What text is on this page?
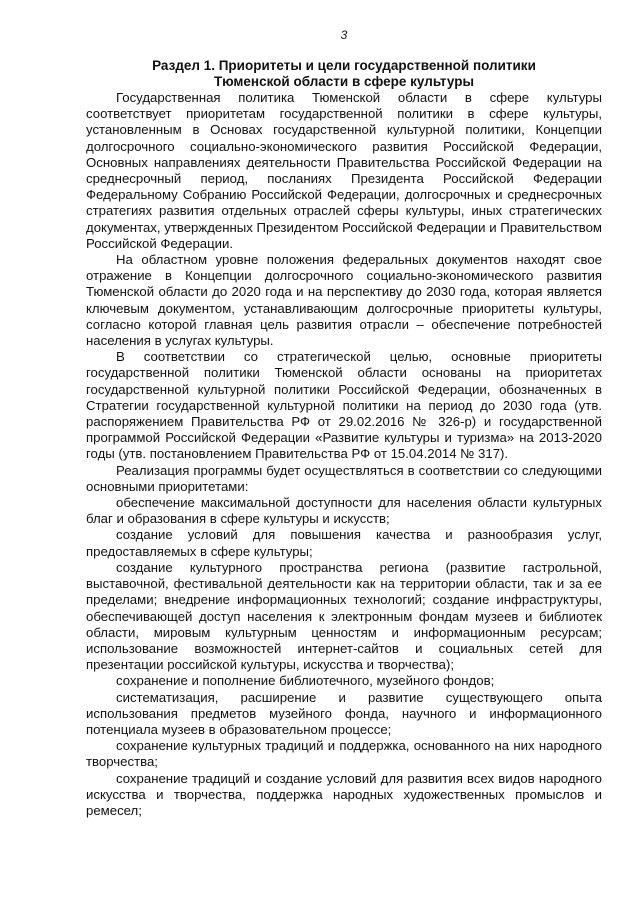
3
Раздел 1. Приоритеты и цели государственной политики
Тюменской области в сфере культуры

Государственная политика Тюменской области в сфере культуры соответствует приоритетам государственной политики в сфере культуры, установленным в Основах государственной культурной политики, Концепции долгосрочного социально-экономического развития Российской Федерации, Основных направлениях деятельности Правительства Российской Федерации на среднесрочный период, посланиях Президента Российской Федерации Федеральному Собранию Российской Федерации, долгосрочных и среднесрочных стратегиях развития отдельных отраслей сферы культуры, иных стратегических документах, утвержденных Президентом Российской Федерации и Правительством Российской Федерации.

На областном уровне положения федеральных документов находят свое отражение в Концепции долгосрочного социально-экономического развития Тюменской области до 2020 года и на перспективу до 2030 года, которая является ключевым документом, устанавливающим долгосрочные приоритеты культуры, согласно которой главная цель развития отрасли – обеспечение потребностей населения в услугах культуры.

В соответствии со стратегической целью, основные приоритеты государственной политики Тюменской области основаны на приоритетах государственной культурной политики Российской Федерации, обозначенных в Стратегии государственной культурной политики на период до 2030 года (утв. распоряжением Правительства РФ от 29.02.2016 № 326-р) и государственной программой Российской Федерации «Развитие культуры и туризма» на 2013-2020 годы (утв. постановлением Правительства РФ от 15.04.2014 № 317).

Реализация программы будет осуществляться в соответствии со следующими основными приоритетами:

обеспечение максимальной доступности для населения области культурных благ и образования в сфере культуры и искусств;
создание условий для повышения качества и разнообразия услуг, предоставляемых в сфере культуры;
создание культурного пространства региона (развитие гастрольной, выставочной, фестивальной деятельности как на территории области, так и за ее пределами; внедрение информационных технологий; создание инфраструктуры, обеспечивающей доступ населения к электронным фондам музеев и библиотек области, мировым культурным ценностям и информационным ресурсам; использование возможностей интернет-сайтов и социальных сетей для презентации российской культуры, искусства и творчества);
сохранение и пополнение библиотечного, музейного фондов;
систематизация, расширение и развитие существующего опыта использования предметов музейного фонда, научного и информационного потенциала музеев в образовательном процессе;
сохранение культурных традиций и поддержка, основанного на них народного творчества;
сохранение традиций и создание условий для развития всех видов народного искусства и творчества, поддержка народных художественных промыслов и ремесел;
